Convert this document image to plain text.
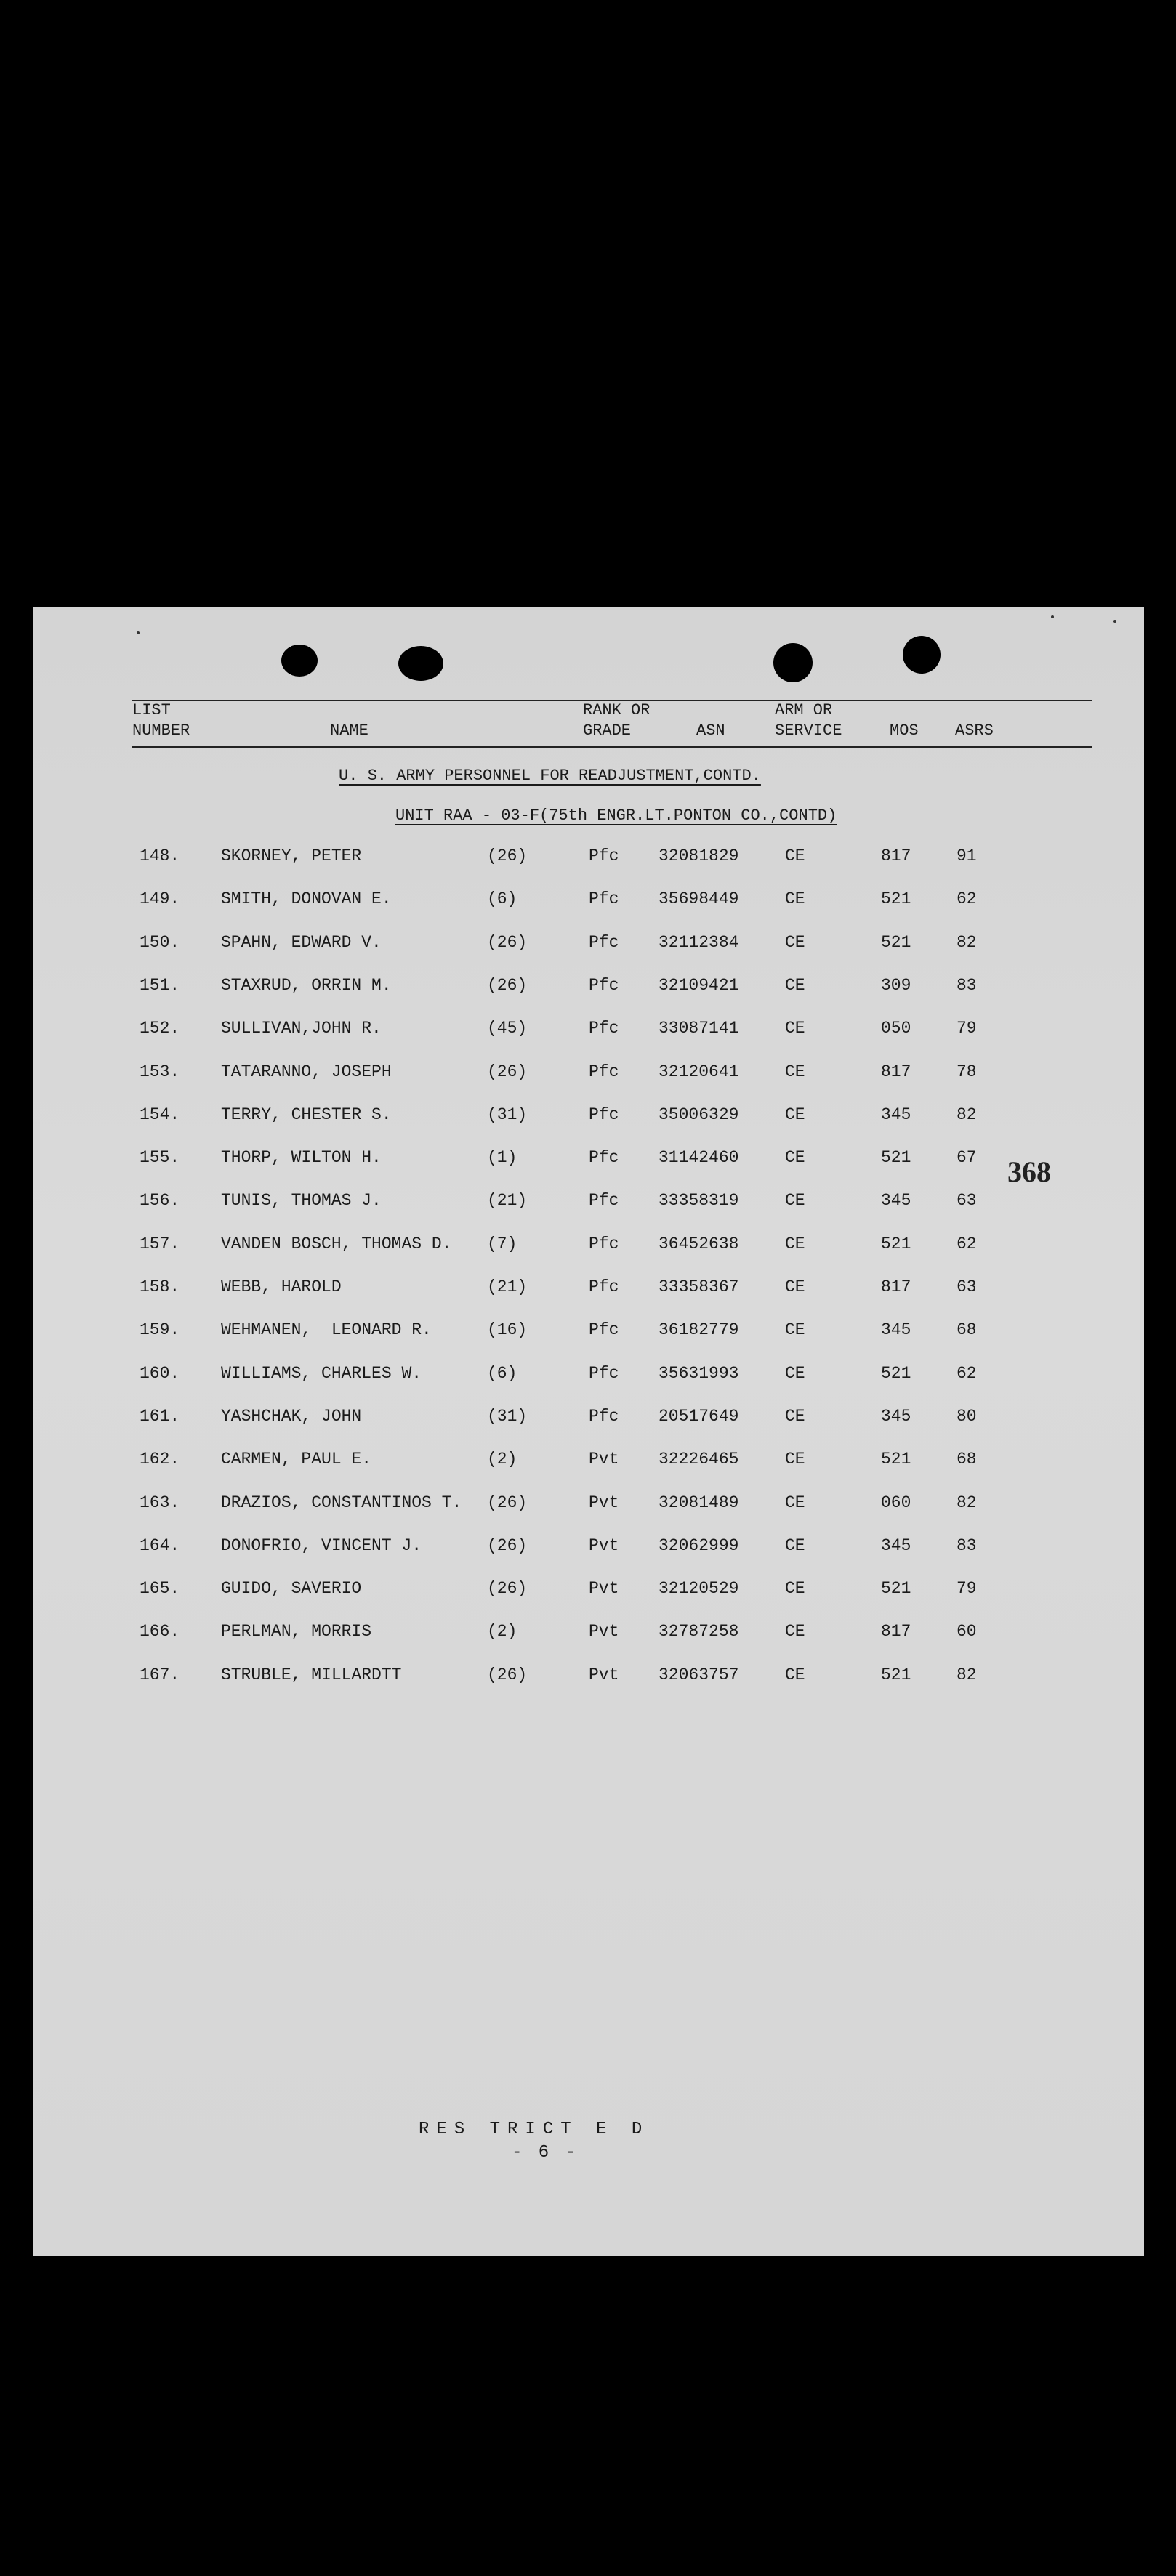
LIST
NUMBER	NAME
RANK OR
GRADE	ASN
ARM OR
SERVICE	MOS ASRS
U. S. ARMY PERSONNEL FOR READJUSTMENT,CONTD.
UNIT RAA - 03-F(75th ENGR.LT.PONTON CO.,CONTD)
148. SKORNEY, PETER	(26)	Pfc 32081829	CE	817	91
149. SMITH, DONOVAN E.	(6)	Pfc 35698449	CE	521	62
150. SPAHN, EDWARD V.	(26)	Pfc 32112384	CE	521	82
151. STAXRUD, ORRIN M.	(26)	Pfc 32109421	CE	309	83
152. SULLIVAN,JOHN R.	(45)	Pfc 33087141	CE	050	79
153. TATARANNO, JOSEPH	(26)	Pfc 32120641	CE	817	78
154. TERRY, CHESTER S.	(31)	Pfc 35006329	CE	345	82
155. THORP, WILTON H.	(1)	Pfc 31142460	CE	521	67
156. TUNIS, THOMAS J.	(21)	Pfc 33358319	CE	345	63
157. VANDEN BOSCH, THOMAS D. (7)	Pfc 36452638	CE	521	62
158. WEBB, HAROLD	(21)	Pfc 33358367	CE	817	63
159. WEHMANEN,  LEONARD R.	(16)	Pfc 36182779	CE	345	68
160. WILLIAMS, CHARLES W.	(6)	Pfc 35631993	CE	521	62
161. YASHCHAK, JOHN	(31)	Pfc 20517649	CE	345	80
162. CARMEN, PAUL E.	(2)	Pvt 32226465	CE	521	68
163. DRAZIOS, CONSTANTINOS T. (26)	Pvt 32081489	CE	060	82
164. DONOFRIO, VINCENT J.	(26)	Pvt 32062999	CE	345	83
165. GUIDO, SAVERIO	(26)	Pvt 32120529	CE	521	79
166. PERLMAN, MORRIS	(2)	Pvt 32787258	CE	817	60
167. STRUBLE, MILLARDTT	(26)	Pvt 32063757	CE	521	82
368
RES TRICT E D
- 6 -
